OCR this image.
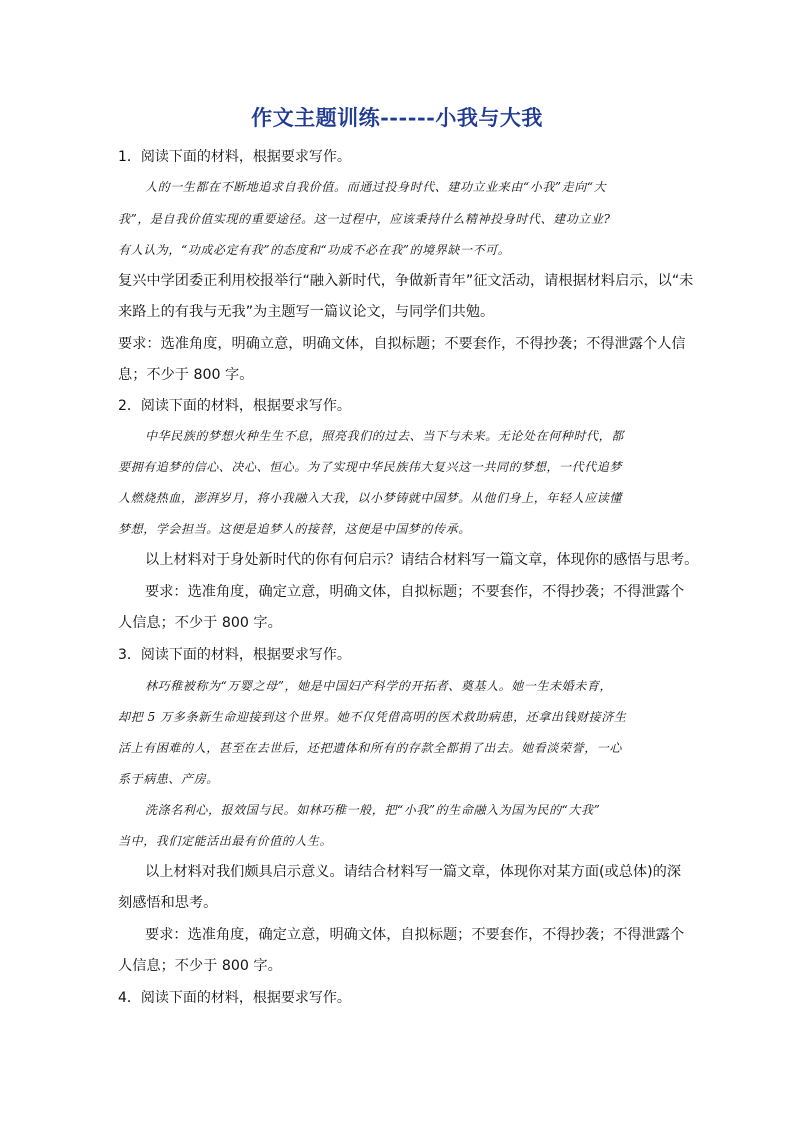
作文主题训练------小我与大我
1．阅读下面的材料，根据要求写作。
人的一生都在不断地追求自我价值。而通过投身时代、建功立业来由“小我”走向“大
我”，是自我价值实现的重要途径。这一过程中，应该秉持什么精神投身时代、建功立业?
有人认为，“功成必定有我”的态度和“功成不必在我”的境界缺一不可。
复兴中学团委正利用校报举行“融入新时代，争做新青年”征文活动，请根据材料启示，以“未
来路上的有我与无我”为主题写一篇议论文，与同学们共勉。
要求：选准角度，明确立意，明确文体，自拟标题；不要套作，不得抄袭；不得泄露个人信
息；不少于 800 字。
2．阅读下面的材料，根据要求写作。
中华民族的梦想火种生生不息，照亮我们的过去、当下与未来。无论处在何种时代，都
要拥有追梦的信心、决心、恒心。为了实现中华民族伟大复兴这一共同的梦想，一代代追梦
人燃烧热血，澎湃岁月，将小我融入大我，以小梦铸就中国梦。从他们身上，年轻人应读懂
梦想，学会担当。这便是追梦人的接替，这便是中国梦的传承。
以上材料对于身处新时代的你有何启示？请结合材料写一篇文章，体现你的感悟与思考。
要求：选准角度，确定立意，明确文体，自拟标题；不要套作，不得抄袭；不得泄露个
人信息；不少于 800 字。
3．阅读下面的材料，根据要求写作。
林巧稚被称为“万婴之母”，她是中国妇产科学的开拓者、奠基人。她一生未婚未育，
却把 5 万多条新生命迎接到这个世界。她不仅凭借高明的医术救助病患，还拿出钱财接济生
活上有困难的人，甚至在去世后，还把遗体和所有的存款全都捐了出去。她看淡荣誉，一心
系于病患、产房。
洗涤名利心，报效国与民。如林巧稚一般，把“小我”的生命融入为国为民的“大我”
当中，我们定能活出最有价值的人生。
以上材料对我们颇具启示意义。请结合材料写一篇文章，体现你对某方面(或总体)的深
刻感悟和思考。
要求：选准角度，确定立意，明确文体，自拟标题；不要套作，不得抄袭；不得泄露个
人信息；不少于 800 字。
4．阅读下面的材料，根据要求写作。
